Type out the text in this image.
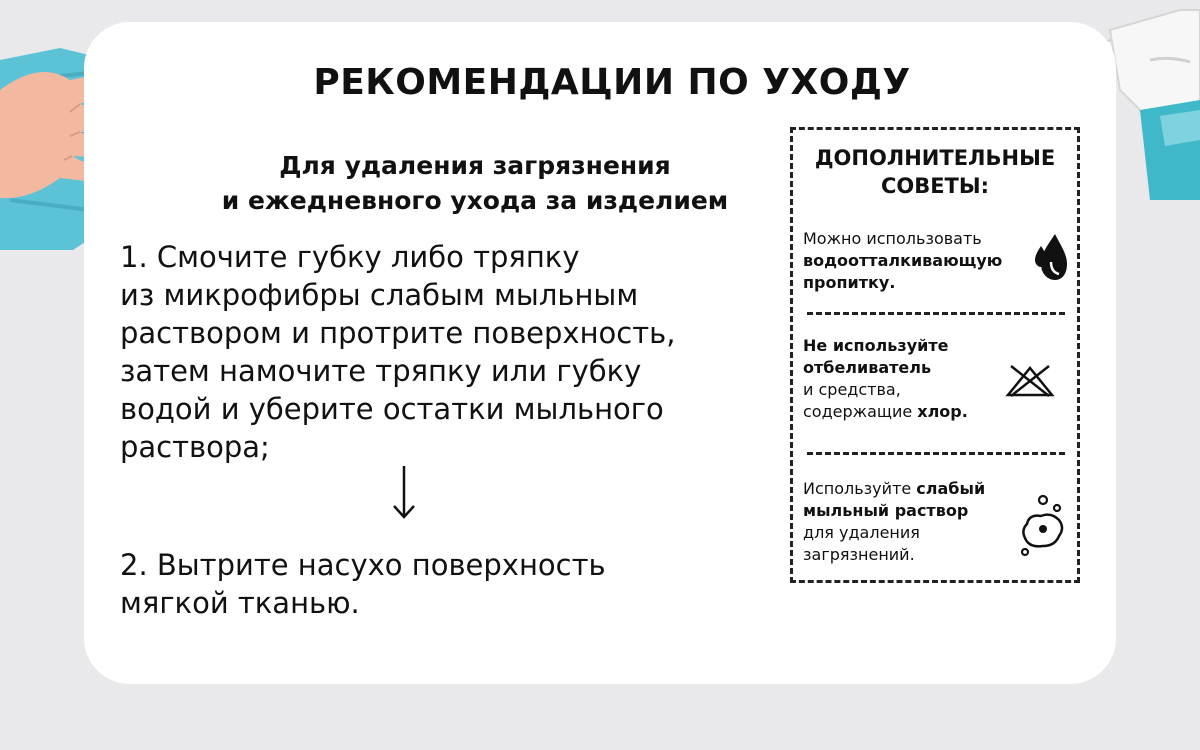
РЕКОМЕНДАЦИИ ПО УХОДУ
Для удаления загрязнения
и ежедневного ухода за изделием
1. Смочите губку либо тряпку
из микрофибры слабым мыльным
раствором и протрите поверхность,
затем намочите тряпку или губку
водой и уберите остатки мыльного
раствора;
2. Вытрите насухо поверхность
мягкой тканью.
ДОПОЛНИТЕЛЬНЫЕ
СОВЕТЫ:
Можно использовать
водоотталкивающую
пропитку.
Не используйте
отбеливатель
и средства,
содержащие хлор.
Используйте слабый
мыльный раствор
для удаления
загрязнений.
